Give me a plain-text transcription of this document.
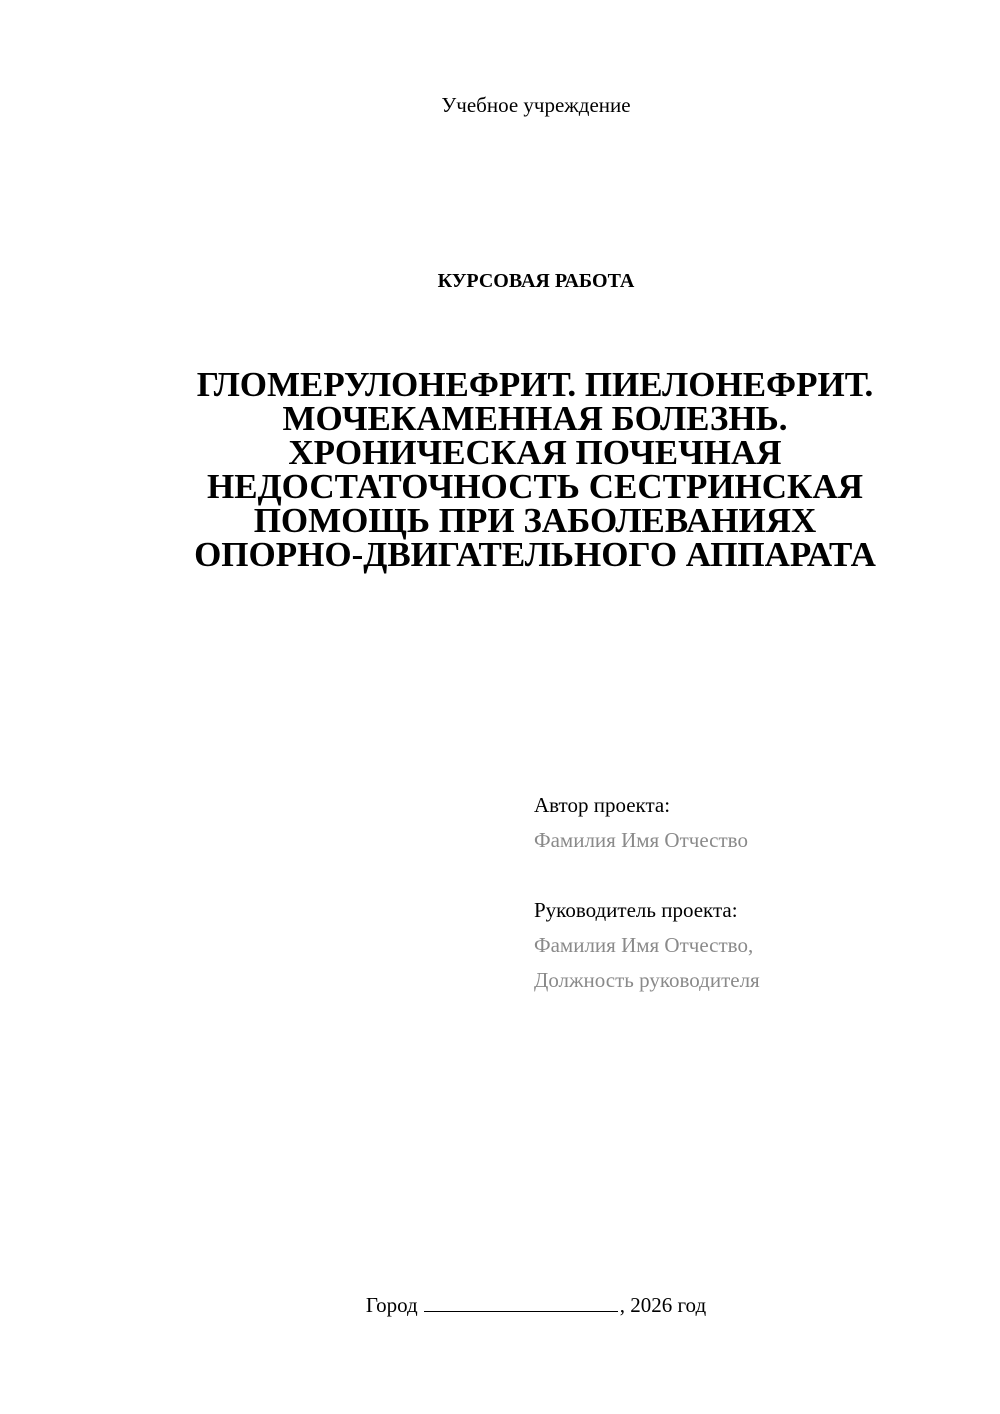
Учебное учреждение
КУРСОВАЯ РАБОТА
ГЛОМЕРУЛОНЕФРИТ. ПИЕЛОНЕФРИТ.
МОЧЕКАМЕННАЯ БОЛЕЗНЬ.
ХРОНИЧЕСКАЯ ПОЧЕЧНАЯ
НЕДОСТАТОЧНОСТЬ СЕСТРИНСКАЯ
ПОМОЩЬ ПРИ ЗАБОЛЕВАНИЯХ
ОПОРНО-ДВИГАТЕЛЬНОГО АППАРАТА
Автор проекта:
Фамилия Имя Отчество
Руководитель проекта:
Фамилия Имя Отчество,
Должность руководителя
Город	, 2026 год
